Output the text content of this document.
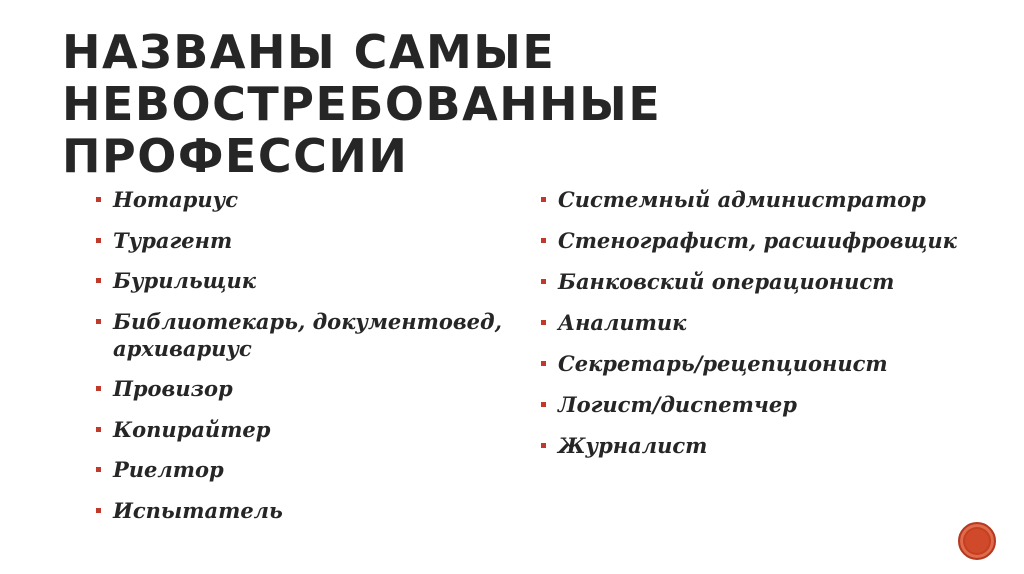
НАЗВАНЫ САМЫЕ НЕВОСТРЕБОВАННЫЕ ПРОФЕССИИ
Нотариус
Турагент
Бурильщик
Библиотекарь, документовед, архивариус
Провизор
Копирайтер
Риелтор
Испытатель
Системный администратор
Стенографист, расшифровщик
Банковский операционист
Аналитик
Секретарь/рецепционист
Логист/диспетчер
Журналист
